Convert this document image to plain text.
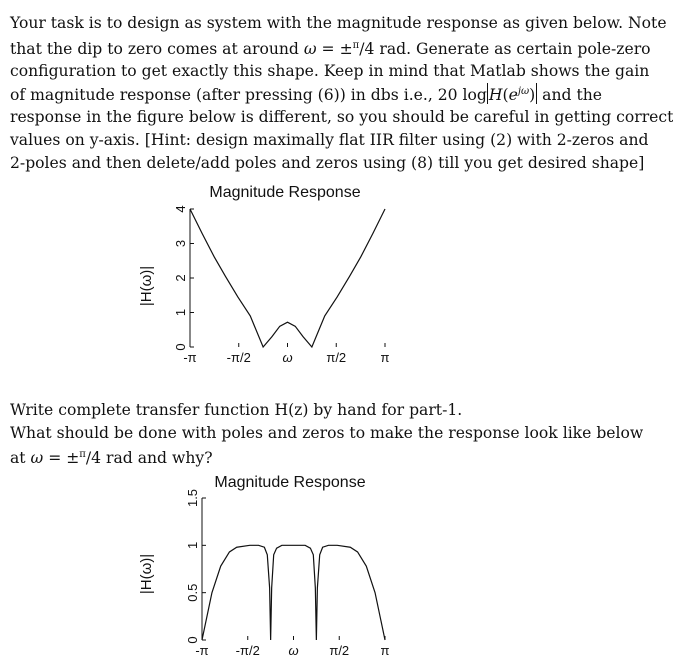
Your task is to design as system with the magnitude response as given below. Note
that the dip to zero comes at around ω = ±$^\pi$/4 rad. Generate as certain pole-zero
configuration to get exactly this shape. Keep in mind that Matlab shows the gain
of magnitude response (after pressing (6)) in dbs i.e., 20 $\log H(e^{j\omega})$ and the
response in the figure below is different, so you should be careful in getting correct
values on y-axis. [Hint: design maximally flat IIR filter using (2) with 2-zeros and
2-poles and then delete/add poles and zeros using (8) till you get desired shape]
Magnitude Response
0
1
2
3
4
-π -π/2 ω	π/2	π
|H(ω)|
Write complete transfer function H(z) by hand for part-1.
What should be done with poles and zeros to make the response look like below
at ω = ±$^\pi$/4 rad and why?
Magnitude Response
0
0.5
1
1.5
-π -π/2 ω π/2 π
|H(ω)|
